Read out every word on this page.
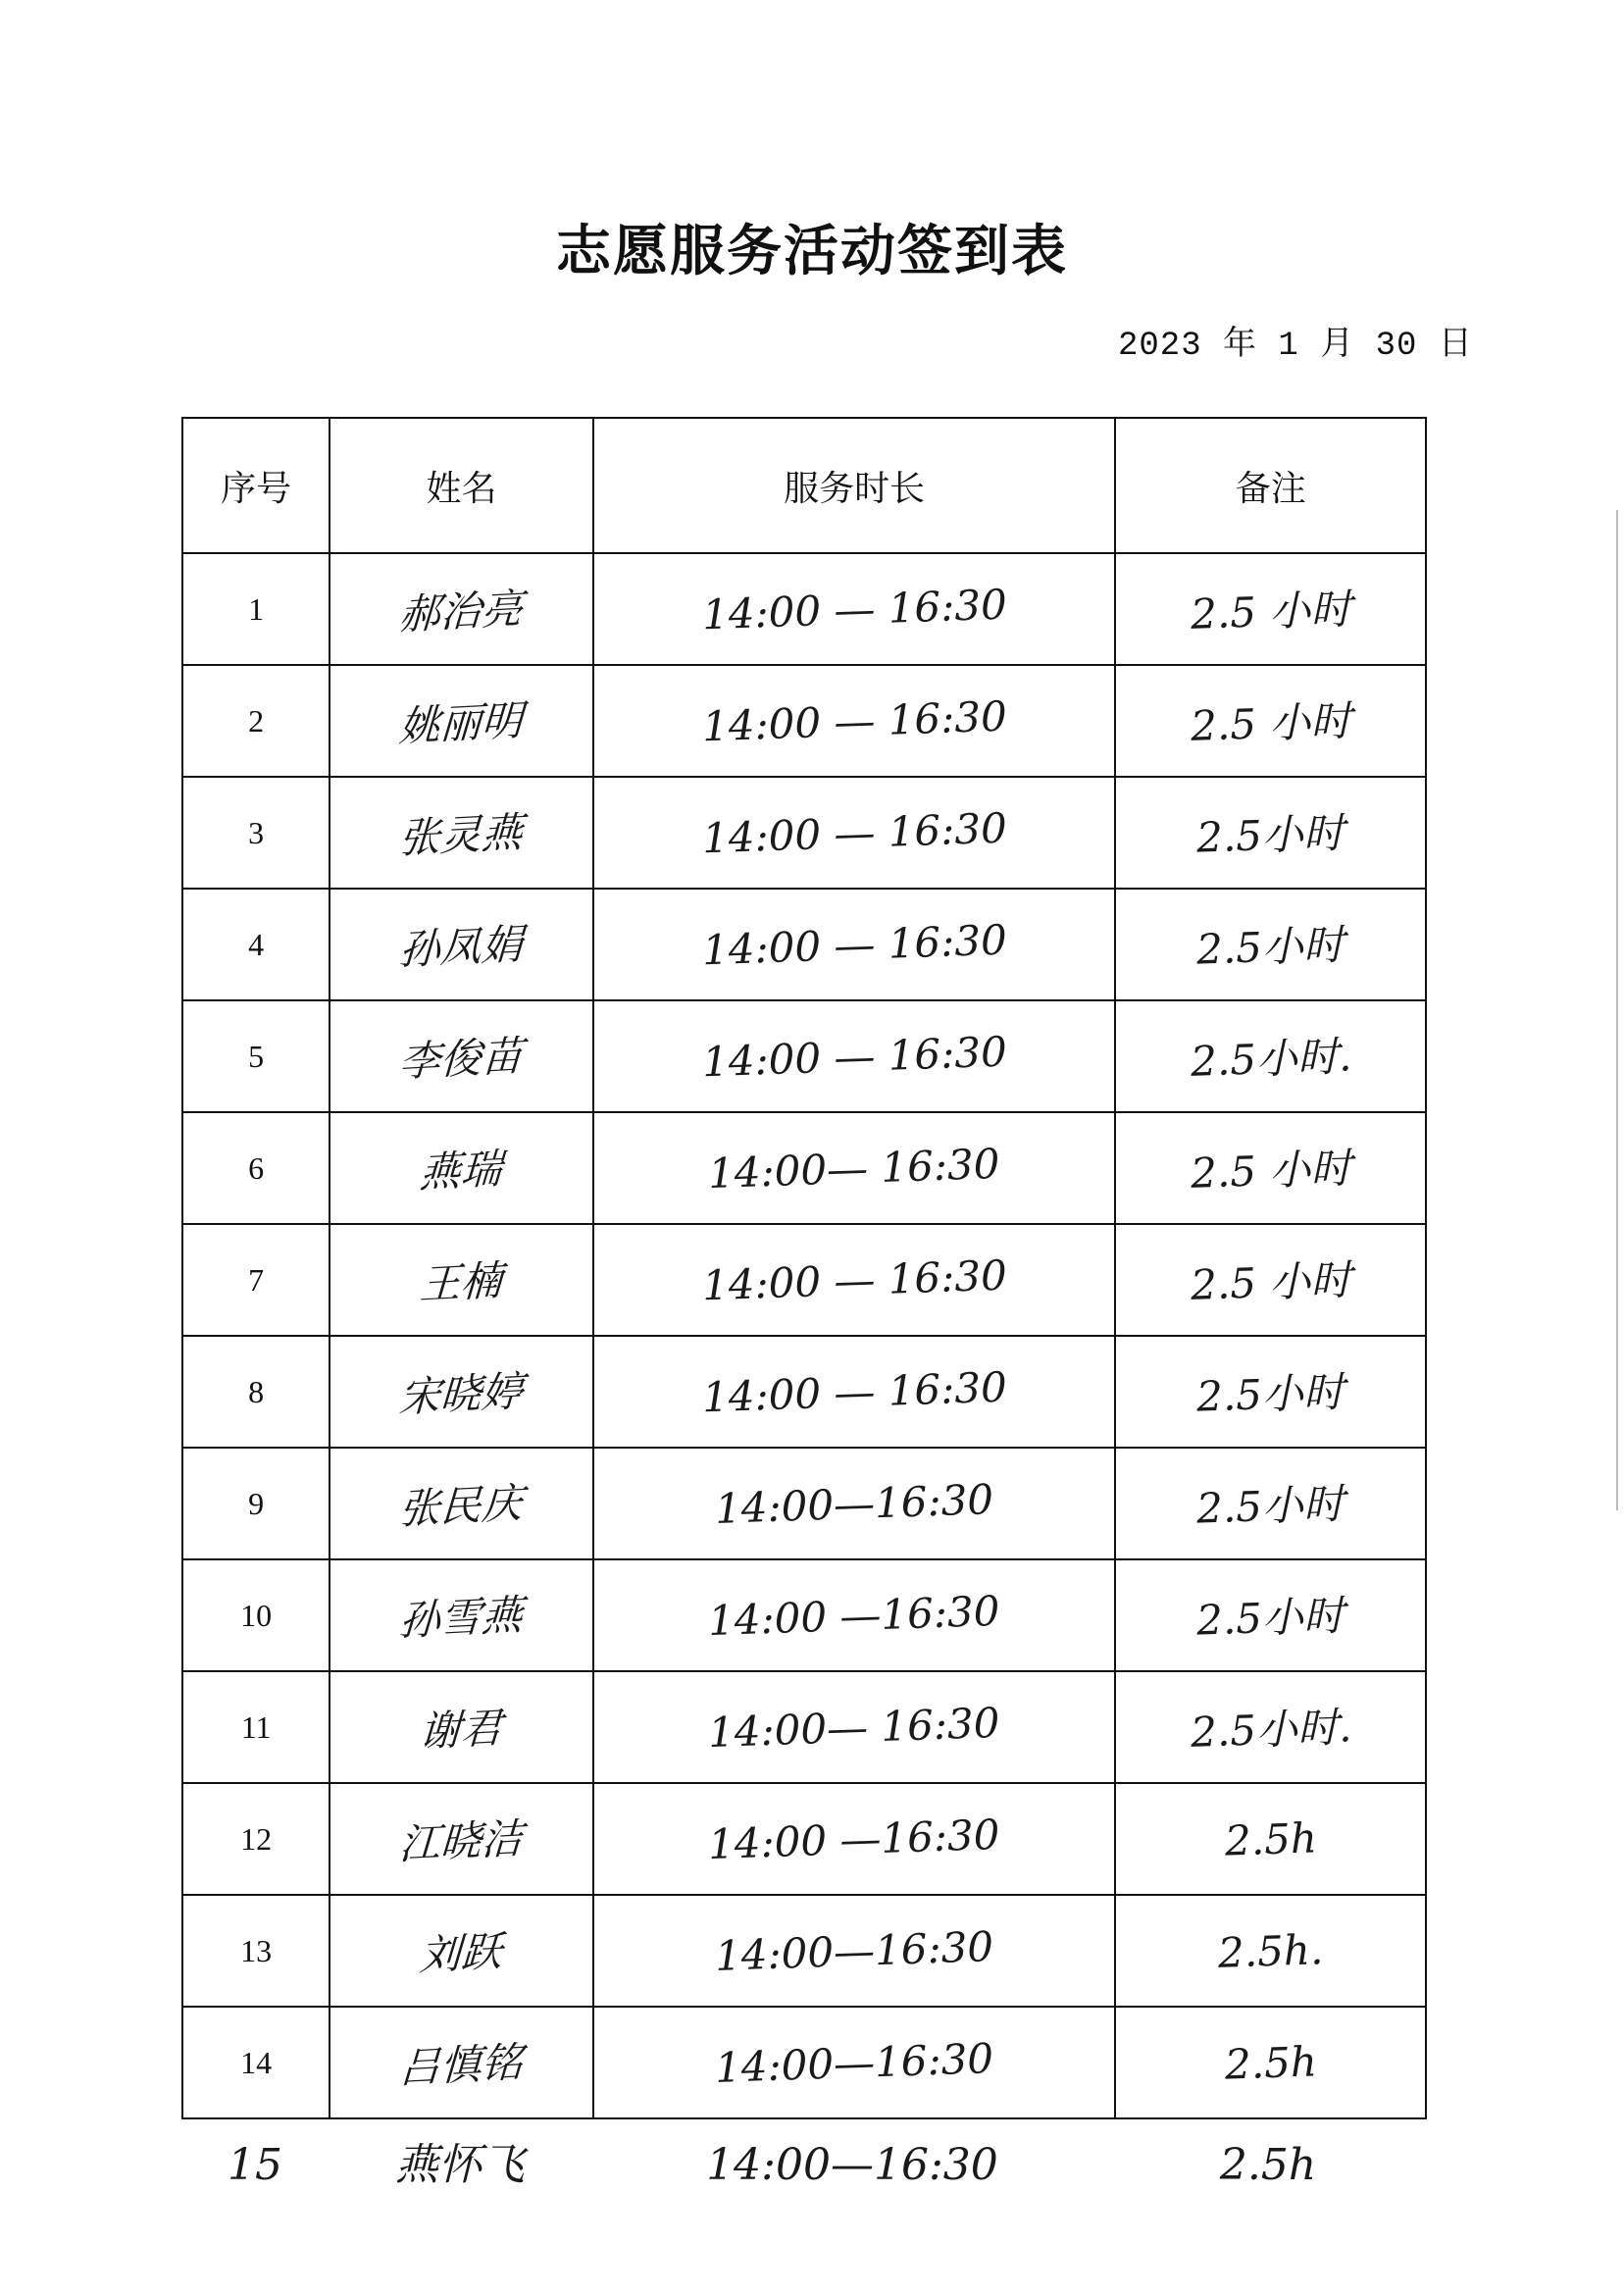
志愿服务活动签到表
2023 年 1 月 30 日
序号	姓名	服务时长	备注
1	郝治亮	14:00 — 16:30	2.5 小时
2	姚丽明	14:00 — 16:30	2.5 小时
3	张灵燕	14:00 — 16:30	2.5小时
4	孙凤娟	14:00 — 16:30	2.5小时
5	李俊苗	14:00 — 16:30	2.5小时.
6	燕瑞	14:00— 16:30	2.5 小时
7	王楠	14:00 — 16:30	2.5 小时
8	宋晓婷	14:00 — 16:30	2.5小时
9	张民庆	14:00—16:30	2.5小时
10	孙雪燕	14:00 —16:30	2.5小时
11	谢君	14:00— 16:30	2.5小时.
12	江晓洁	14:00 —16:30	2.5h
13	刘跃	14:00—16:30	2.5h.
14	吕慎铭	14:00—16:30	2.5h
15	燕怀飞	14:00—16:30	2.5h
